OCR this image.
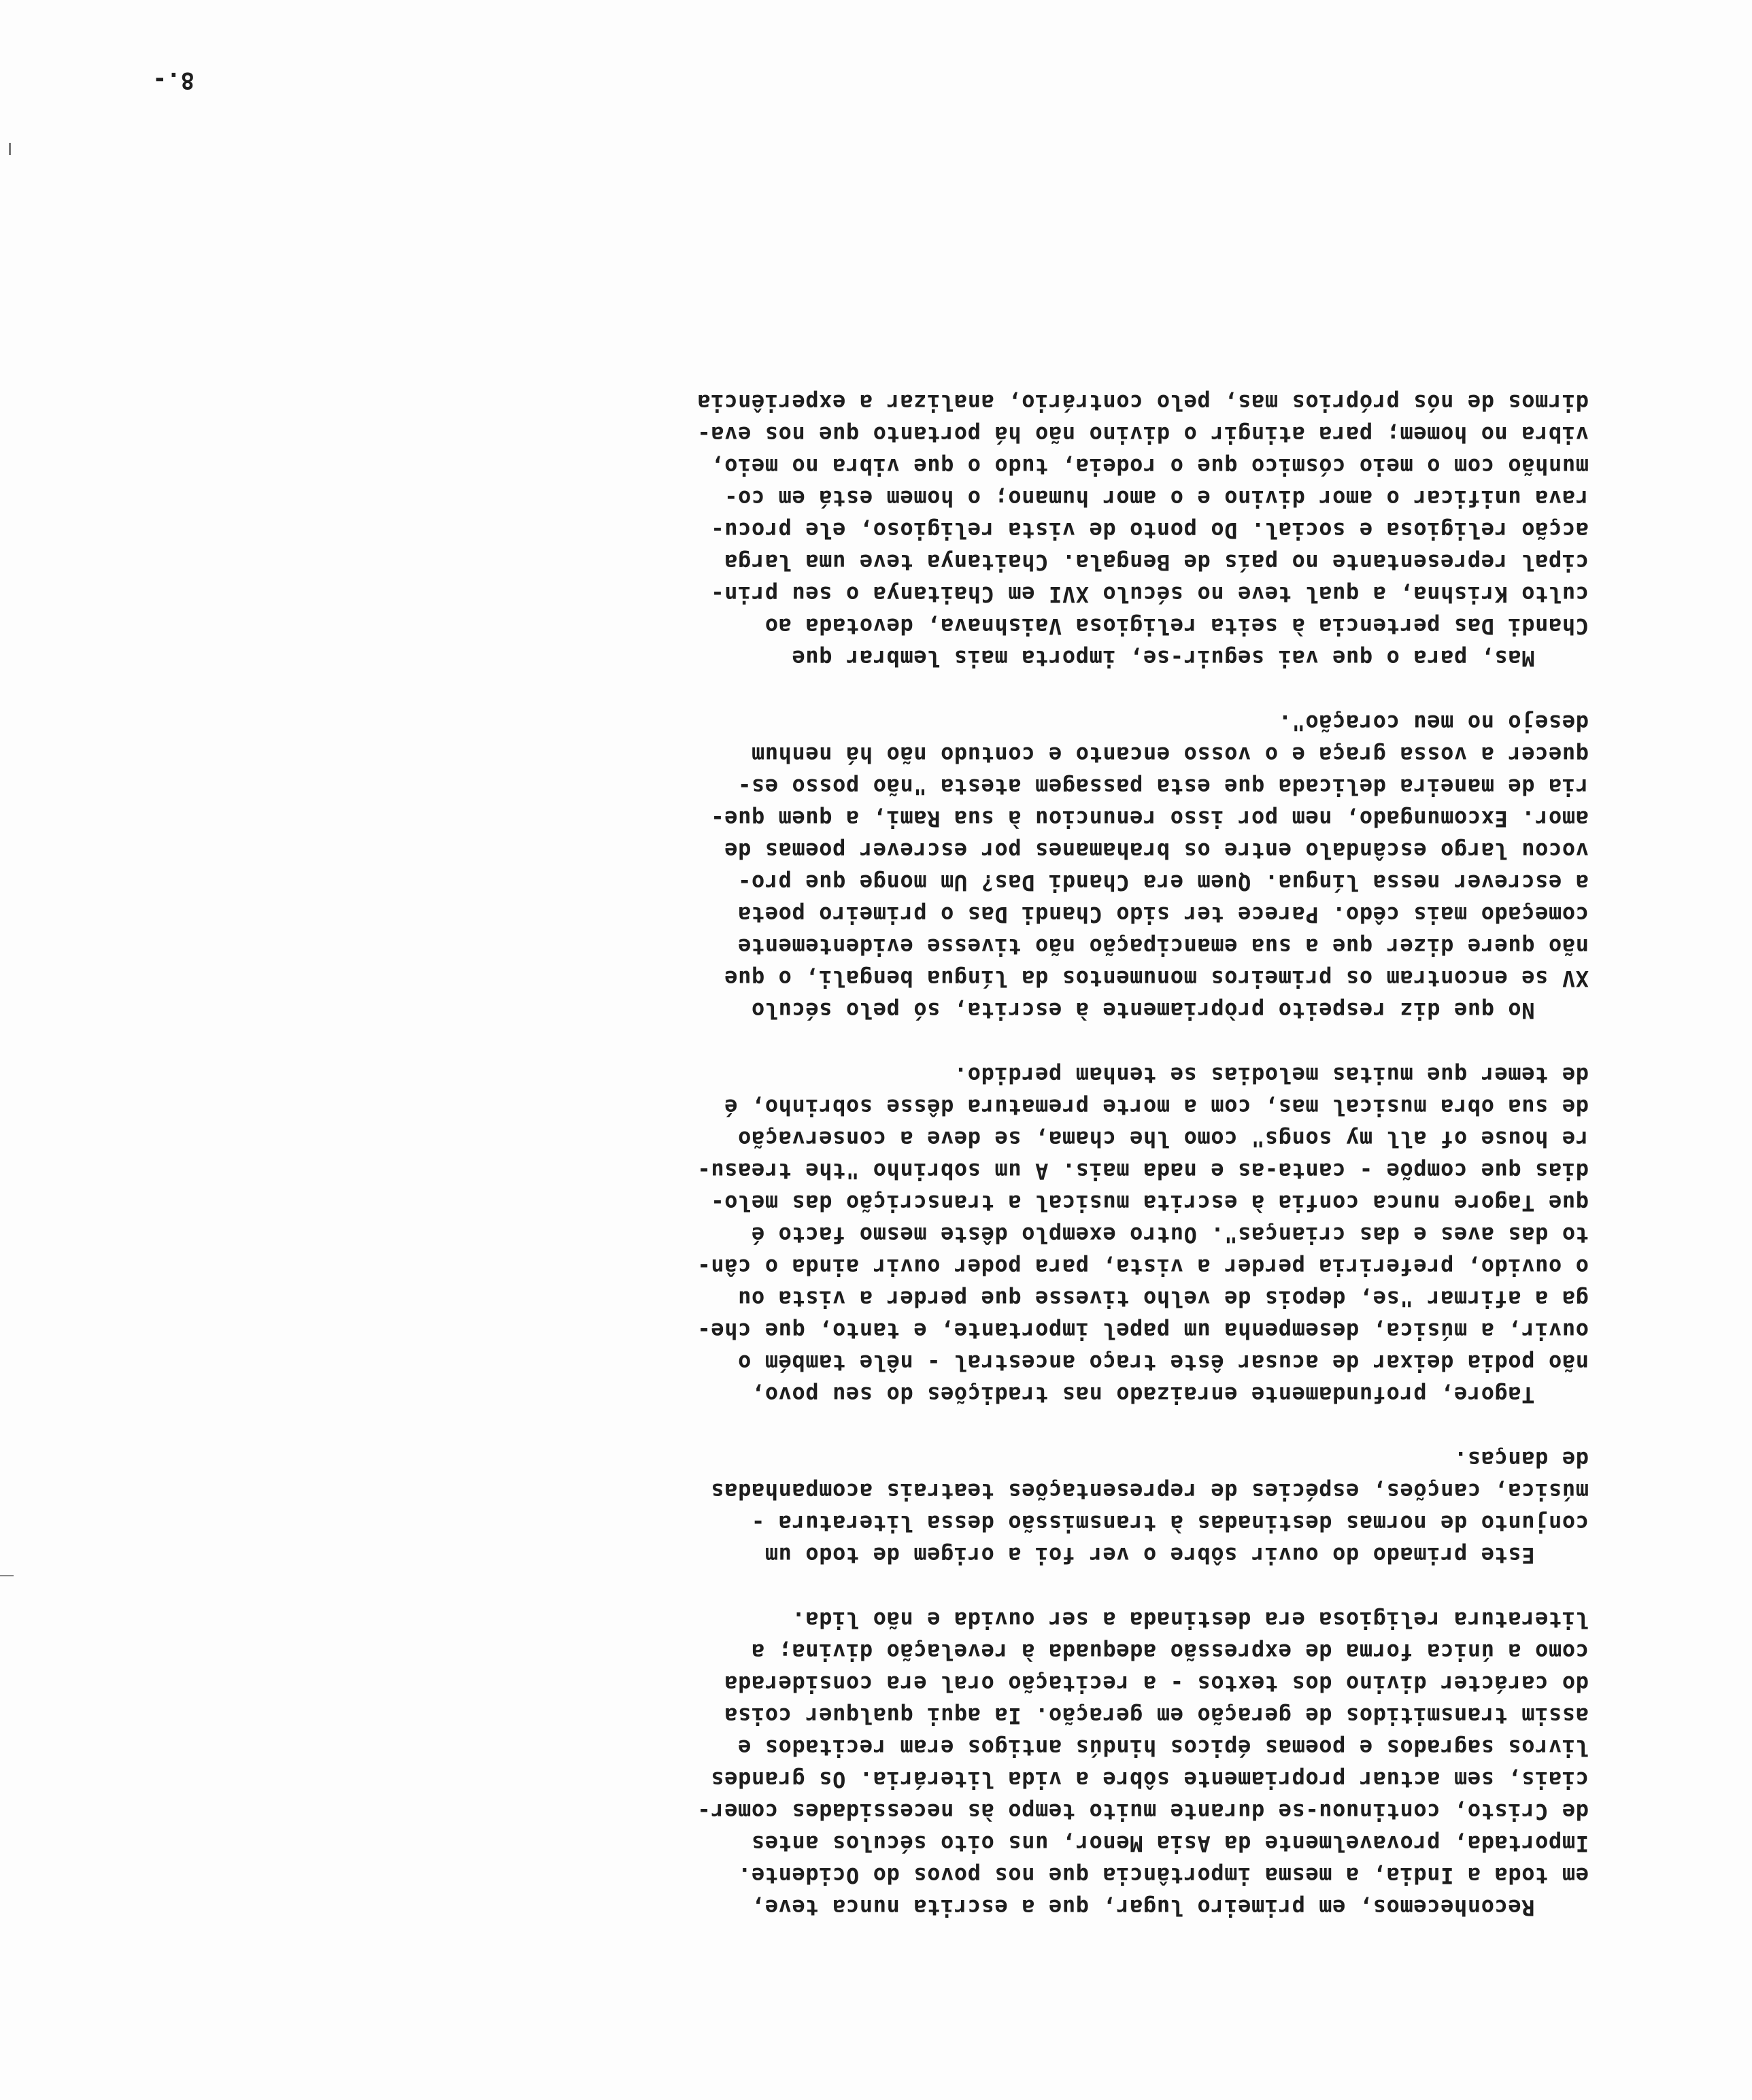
Reconhecemos, em primeiro lugar, que a escrita nunca teve,
em toda a India, a mesma importância que nos povos do Ocidente.
Importada, provavelmente da Asia Menor, uns oito séculos antes
de Cristo, continuou-se durante muito tempo às necessidades comer-
ciais, sem actuar propriamente sôbre a vida literária. Os grandes
livros sagrados e poemas épicos hindús antigos eram recitados e
assim transmitidos de geração em geração. Ia aqui qualquer coisa
do carácter divino dos textos - a recitação oral era considerada
como a única forma de expressão adequada à revelação divina; a
literatura religiosa era destinada a ser ouvida e não lida.
Este primado do ouvir sôbre o ver foi a origem de todo um
conjunto de normas destinadas à transmissão dessa literatura -
música, canções, espécies de representações teatrais acompanhadas
de danças.
Tagore, profundamente enraizado nas tradições do seu povo,
não podia deixar de acusar êste traço ancestral - nêle também o
ouvir, a música, desempenha um papel importante, e tanto, que che-
ga a afirmar "se, depois de velho tivesse que perder a vista ou
o ouvido, preferiria perder a vista, para poder ouvir ainda o cân-
to das aves e das crianças". Outro exemplo dêste mesmo facto é
que Tagore nunca confia à escrita musical a transcrição das melo-
dias que compõe - canta-as e nada mais. A um sobrinho "the treasu-
re house of all my songs" como lhe chama, se deve a conservação
de sua obra musical mas, com a morte prematura dêsse sobrinho, é
de temer que muitas melodias se tenham perdido.
No que diz respeito pròpriamente à escrita, só pelo século
XV se encontram os primeiros monumentos da língua bengali, o que
não quere dizer que a sua emancipação não tivesse evidentemente
começado mais cêdo. Parece ter sido Chandi Das o primeiro poeta
a escrever nessa língua. Quem era Chandi Das? Um monge que pro-
vocou largo escândalo entre os brahamanes por escrever poemas de
amor. Excomungado, nem por isso renunciou à sua Rami, a quem que-
ria de maneira delicada que esta passagem atesta "não posso es-
quecer a vossa graça e o vosso encanto e contudo não há nenhum
desejo no meu coração".
Mas, para o que vai seguir-se, importa mais lembrar que
Chandi Das pertencia à seita religiosa Vaishnava, devotada ao
culto Krishna, a qual teve no século XVI em Chaitanya o seu prin-
cipal representante no país de Bengala. Chaitanya teve uma larga
acção religiosa e social. Do ponto de vista religioso, ele procu-
rava unificar o amor divino e o amor humano; o homem está em co-
munhão com o meio cósmico que o rodeia, tudo o que vibra no meio,
vibra no homem; para atingir o divino não há portanto que nos eva-
dirmos de nós próprios mas, pelo contrário, analizar a experiência
8.-
